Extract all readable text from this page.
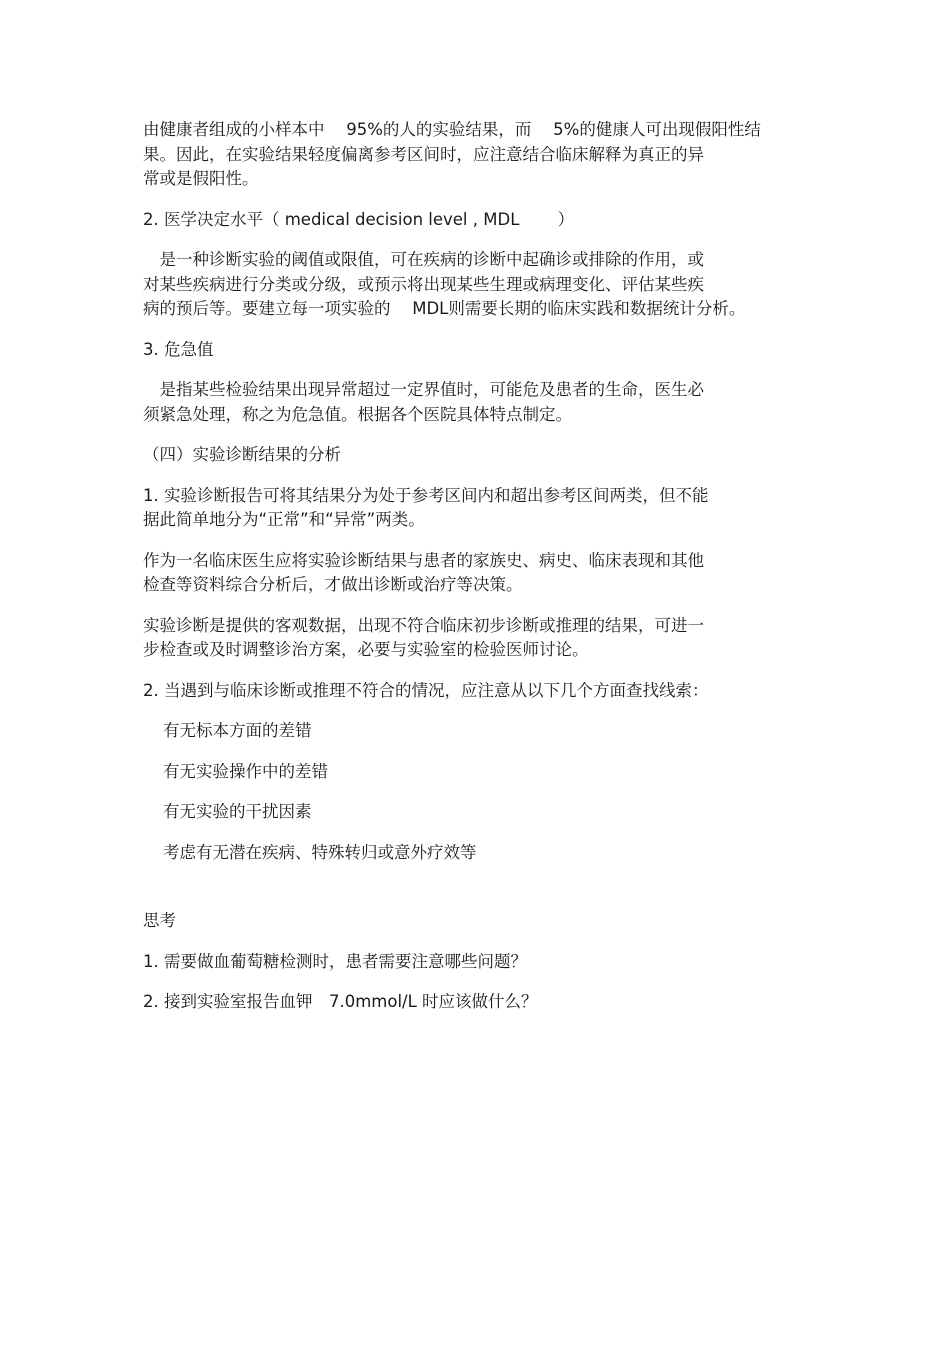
由健康者组成的小样本中　 95%的人的实验结果，而　 5%的健康人可出现假阳性结
果。因此，在实验结果轻度偏离参考区间时，应注意结合临床解释为真正的异
常或是假阳性。

2. 医学决定水平（ medical decision level , MDL　　 ）

　是一种诊断实验的阈值或限值，可在疾病的诊断中起确诊或排除的作用，或
对某些疾病进行分类或分级，或预示将出现某些生理或病理变化、评估某些疾
病的预后等。要建立每一项实验的　 MDL则需要长期的临床实践和数据统计分析。

3. 危急值

　是指某些检验结果出现异常超过一定界值时，可能危及患者的生命，医生必
须紧急处理，称之为危急值。根据各个医院具体特点制定。

（四）实验诊断结果的分析

1. 实验诊断报告可将其结果分为处于参考区间内和超出参考区间两类，但不能
据此简单地分为“正常”和“异常”两类。

作为一名临床医生应将实验诊断结果与患者的家族史、病史、临床表现和其他
检查等资料综合分析后，才做出诊断或治疗等决策。

实验诊断是提供的客观数据，出现不符合临床初步诊断或推理的结果，可进一
步检查或及时调整诊治方案，必要与实验室的检验医师讨论。

2. 当遇到与临床诊断或推理不符合的情况，应注意从以下几个方面查找线索：

有无标本方面的差错

有无实验操作中的差错

有无实验的干扰因素

考虑有无潜在疾病、特殊转归或意外疗效等

思考

1. 需要做血葡萄糖检测时，患者需要注意哪些问题？

2. 接到实验室报告血钾　7.0mmol/L 时应该做什么？
